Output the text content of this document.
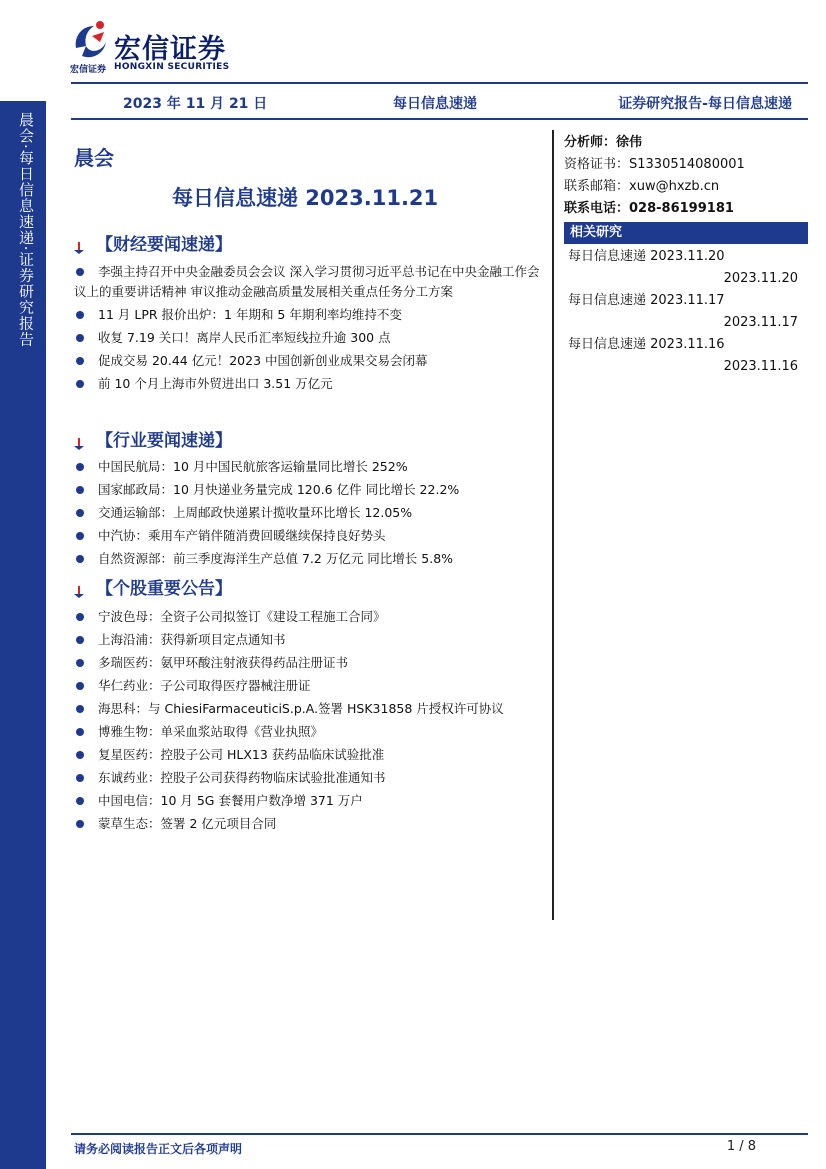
宏信证券
宏信证券 HONGXIN SECURITIES
晨会·每日信息速递·证券研究报告
2023 年 11 月 21 日	每日信息速递	证券研究报告-每日信息速递
晨会
每日信息速递 2023.11.21
【财经要闻速递】
李强主持召开中央金融委员会会议 深入学习贯彻习近平总书记在中央金融工作会议上的重要讲话精神 审议推动金融高质量发展相关重点任务分工方案
11 月 LPR 报价出炉：1 年期和 5 年期利率均维持不变
收复 7.19 关口！离岸人民币汇率短线拉升逾 300 点
促成交易 20.44 亿元！2023 中国创新创业成果交易会闭幕
前 10 个月上海市外贸进出口 3.51 万亿元
【行业要闻速递】
中国民航局：10 月中国民航旅客运输量同比增长 252%
国家邮政局：10 月快递业务量完成 120.6 亿件 同比增长 22.2%
交通运输部：上周邮政快递累计揽收量环比增长 12.05%
中汽协：乘用车产销伴随消费回暖继续保持良好势头
自然资源部：前三季度海洋生产总值 7.2 万亿元 同比增长 5.8%
【个股重要公告】
宁波色母：全资子公司拟签订《建设工程施工合同》
上海沿浦：获得新项目定点通知书
多瑞医药：氨甲环酸注射液获得药品注册证书
华仁药业：子公司取得医疗器械注册证
海思科：与 ChiesiFarmaceuticiS.p.A.签署 HSK31858 片授权许可协议
博雅生物：单采血浆站取得《营业执照》
复星医药：控股子公司 HLX13 获药品临床试验批准
东诚药业：控股子公司获得药物临床试验批准通知书
中国电信：10 月 5G 套餐用户数净增 371 万户
蒙草生态：签署 2 亿元项目合同
分析师：徐伟
资格证书：S1330514080001
联系邮箱：xuw@hxzb.cn
联系电话：028-86199181
相关研究
每日信息速递 2023.11.20
2023.11.20
每日信息速递 2023.11.17
2023.11.17
每日信息速递 2023.11.16
2023.11.16
请务必阅读报告正文后各项声明	1 / 8
